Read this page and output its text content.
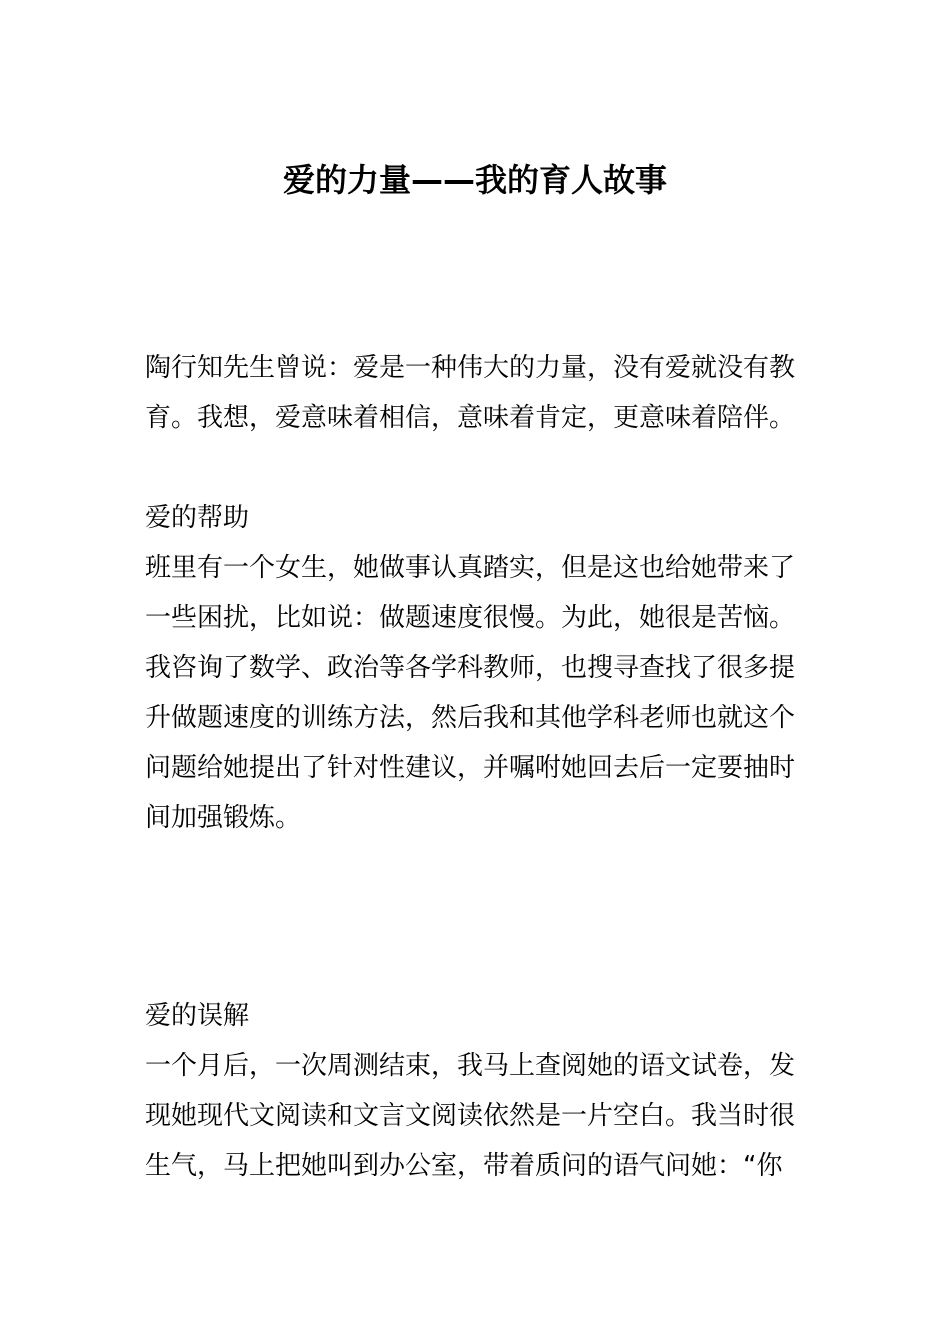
爱的力量——我的育人故事
陶行知先生曾说：爱是一种伟大的力量，没有爱就没有教
育。我想，爱意味着相信，意味着肯定，更意味着陪伴。
爱的帮助
班里有一个女生，她做事认真踏实，但是这也给她带来了
一些困扰，比如说：做题速度很慢。为此，她很是苦恼。
我咨询了数学、政治等各学科教师，也搜寻查找了很多提
升做题速度的训练方法，然后我和其他学科老师也就这个
问题给她提出了针对性建议，并嘱咐她回去后一定要抽时
间加强锻炼。
爱的误解
一个月后，一次周测结束，我马上查阅她的语文试卷，发
现她现代文阅读和文言文阅读依然是一片空白。我当时很
生气，马上把她叫到办公室，带着质问的语气问她：“你
